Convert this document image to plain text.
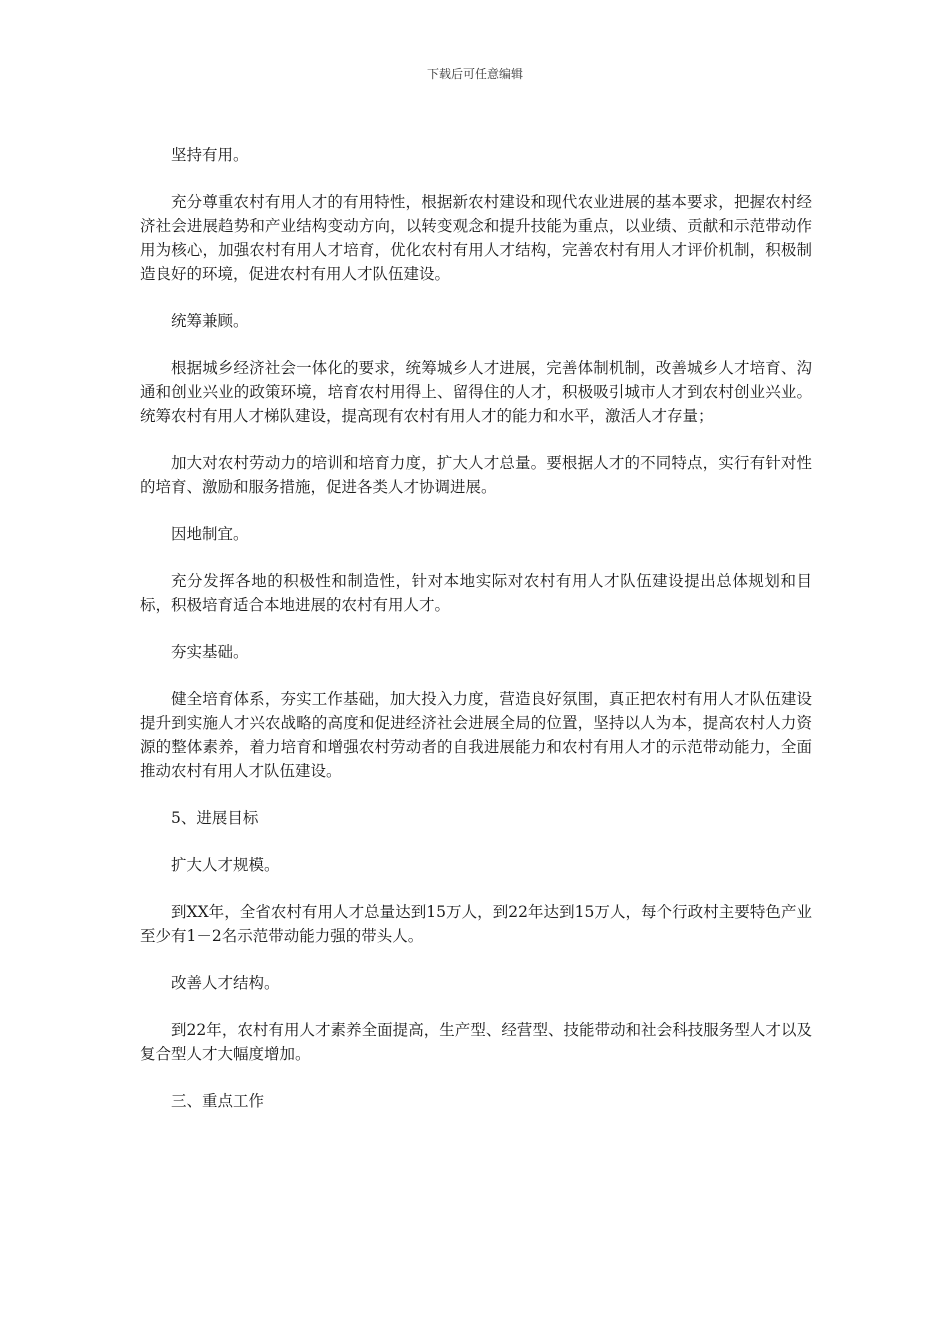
下载后可任意编辑

坚持有用。

充分尊重农村有用人才的有用特性，根据新农村建设和现代农业进展的基本要求，把握农村经济社会进展趋势和产业结构变动方向，以转变观念和提升技能为重点，以业绩、贡献和示范带动作用为核心，加强农村有用人才培育，优化农村有用人才结构，完善农村有用人才评价机制，积极制造良好的环境，促进农村有用人才队伍建设。

统筹兼顾。

根据城乡经济社会一体化的要求，统筹城乡人才进展，完善体制机制，改善城乡人才培育、沟通和创业兴业的政策环境，培育农村用得上、留得住的人才，积极吸引城市人才到农村创业兴业。统筹农村有用人才梯队建设，提高现有农村有用人才的能力和水平，激活人才存量；

加大对农村劳动力的培训和培育力度，扩大人才总量。要根据人才的不同特点，实行有针对性的培育、激励和服务措施，促进各类人才协调进展。

因地制宜。

充分发挥各地的积极性和制造性，针对本地实际对农村有用人才队伍建设提出总体规划和目标，积极培育适合本地进展的农村有用人才。

夯实基础。

健全培育体系，夯实工作基础，加大投入力度，营造良好氛围，真正把农村有用人才队伍建设提升到实施人才兴农战略的高度和促进经济社会进展全局的位置，坚持以人为本，提高农村人力资源的整体素养，着力培育和增强农村劳动者的自我进展能力和农村有用人才的示范带动能力，全面推动农村有用人才队伍建设。

5、进展目标

扩大人才规模。

到XX年，全省农村有用人才总量达到15万人，到22年达到15万人，每个行政村主要特色产业至少有1－2名示范带动能力强的带头人。

改善人才结构。

到22年，农村有用人才素养全面提高，生产型、经营型、技能带动和社会科技服务型人才以及复合型人才大幅度增加。

三、重点工作
